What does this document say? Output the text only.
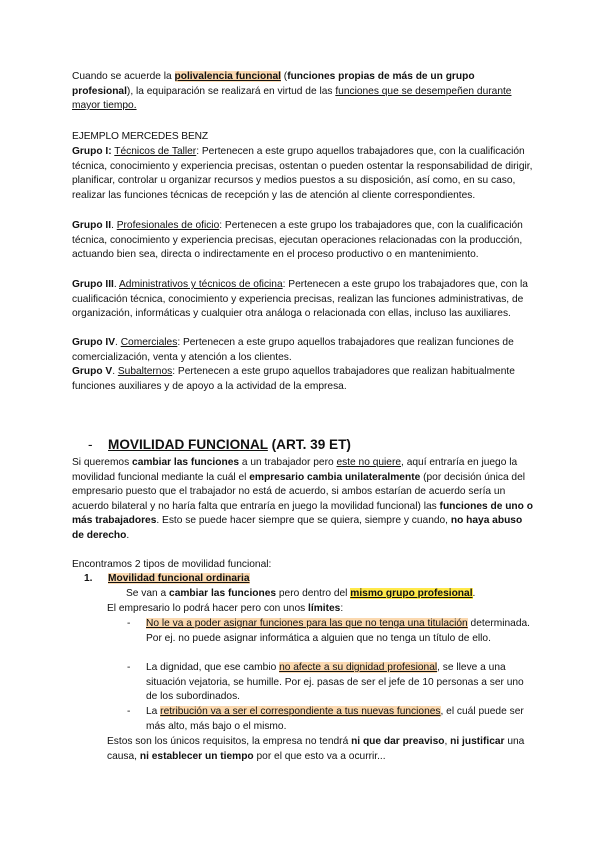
Cuando se acuerde la polivalencia funcional (funciones propias de más de un grupo profesional), la equiparación se realizará en virtud de las funciones que se desempeñen durante mayor tiempo.

EJEMPLO MERCEDES BENZ

Grupo I: Técnicos de Taller: Pertenecen a este grupo aquellos trabajadores que, con la cualificación técnica, conocimiento y experiencia precisas, ostentan o pueden ostentar la responsabilidad de dirigir, planificar, controlar u organizar recursos y medios puestos a su disposición, así como, en su caso, realizar las funciones técnicas de recepción y las de atención al cliente correspondientes.

Grupo II. Profesionales de oficio: Pertenecen a este grupo los trabajadores que, con la cualificación técnica, conocimiento y experiencia precisas, ejecutan operaciones relacionadas con la producción, actuando bien sea, directa o indirectamente en el proceso productivo o en mantenimiento.

Grupo III. Administrativos y técnicos de oficina: Pertenecen a este grupo los trabajadores que, con la cualificación técnica, conocimiento y experiencia precisas, realizan las funciones administrativas, de organización, informáticas y cualquier otra análoga o relacionada con ellas, incluso las auxiliares.

Grupo IV. Comerciales: Pertenecen a este grupo aquellos trabajadores que realizan funciones de comercialización, venta y atención a los clientes.

Grupo V. Subalternos: Pertenecen a este grupo aquellos trabajadores que realizan habitualmente funciones auxiliares y de apoyo a la actividad de la empresa.

- MOVILIDAD FUNCIONAL (ART. 39 ET)

Si queremos cambiar las funciones a un trabajador pero este no quiere, aquí entraría en juego la movilidad funcional mediante la cuál el empresario cambia unilateralmente (por decisión única del empresario puesto que el trabajador no está de acuerdo, si ambos estarían de acuerdo sería un acuerdo bilateral y no haría falta que entraría en juego la movilidad funcional) las funciones de uno o más trabajadores. Esto se puede hacer siempre que se quiera, siempre y cuando, no haya abuso de derecho.

Encontramos 2 tipos de movilidad funcional:

1. Movilidad funcional ordinaria

Se van a cambiar las funciones pero dentro del mismo grupo profesional.

El empresario lo podrá hacer pero con unos límites:

-	No le va a poder asignar funciones para las que no tenga una titulación determinada. Por ej. no puede asignar informática a alguien que no tenga un título de ello.

-	La dignidad, que ese cambio no afecte a su dignidad profesional, se lleve a una situación vejatoria, se humille. Por ej. pasas de ser el jefe de 10 personas a ser uno de los subordinados.

-	La retribución va a ser el correspondiente a tus nuevas funciones, el cuál puede ser más alto, más bajo o el mismo.

Estos son los únicos requisitos, la empresa no tendrá ni que dar preaviso, ni justificar una causa, ni establecer un tiempo por el que esto va a ocurrir...
